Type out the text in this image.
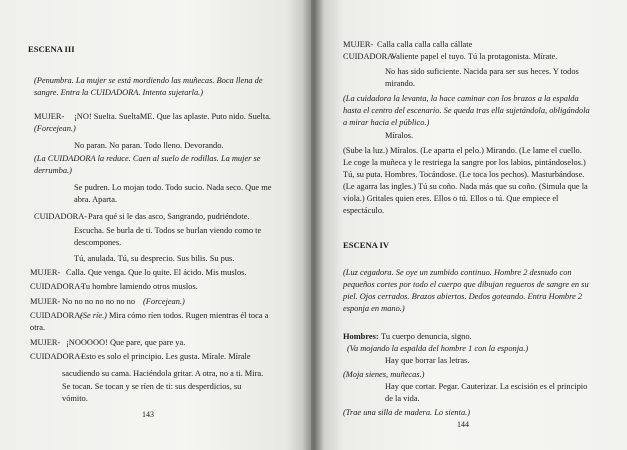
ESCENA III
(Penumbra. La mujer se está mordiendo las muñecas. Boca llena de
sangre. Entra la CUIDADORA. Intenta sujetarla.)
MUJER- ¡NO! Suelta. SueltaME. Que las aplaste. Puto nido. Suelta.
(Forcejean.)
No paran. No paran. Todo lleno. Devorando.
(La CUIDADORA la reduce. Caen al suelo de rodillas. La mujer se
derrumba.)
Se pudren. Lo mojan todo. Todo sucio. Nada seco. Que me
abra. Aparta.
CUIDADORA- Para qué si le das asco, Sangrando, pudriéndote.
Escucha. Se burla de ti. Todos se burlan viendo como te
descompones.
Tú, anulada. Tú, su desprecio. Sus bilis. Su pus.
MUJER- Calla. Que venga. Que lo quite. El ácido. Mis muslos.
CUIDADORA-
Tu hombre lamiendo otros muslos.
MUJER- No no no no no no no (Forcejean.)
CUIDADORA-
(Se ríe.) Mira cómo ríen todos. Rugen mientras él toca a
otra.
MUJER- ¡NOOOOO! Que pare, que pare ya.
CUIDADORA-
Esto es solo el principio. Les gusta. Mírale. Mírale
sacudiendo su cama. Haciéndola gritar. A otra, no a ti. Mira.
Se tocan. Se tocan y se ríen de ti: sus desperdicios, su
vómito.
143
MUJER- Calla calla calla calla cállate
CUIDADORA-
Valiente papel el tuyo. Tú la protagonista. Mírate.
No has sido suficiente. Nacida para ser sus heces. Y todos
mirando.
(La cuidadora la levanta, la hace caminar con los brazos a la espalda
hasta el centro del escenario. Se queda tras ella sujetándola, obligándola
a mirar hacia el público.)
Míralos.
(Sube la luz.) Míralos. (Le aparta el pelo.) Mirando. (Le lame el cuello.
Le coge la muñeca y le restriega la sangre por los labios, pintándoselos.)
Tú, su puta. Hombres. Tocándose. (Le toca los pechos). Masturbándose.
(Le agarra las ingles.) Tú su coño. Nada más que su coño. (Simula que la
viola.) Gritales quien eres. Ellos o tú. Ellos o tú. Que empiece el
espectáculo.
ESCENA IV
(Luz cegadora. Se oye un zumbido continuo. Hombre 2 desnudo con
pequeños cortes por todo el cuerpo que dibujan regueros de sangre en su
piel. Ojos cerrados. Brazos abiertos. Dedos goteando. Entra Hombre 2
esponja en mano.)
Hombres: Tu cuerpo denuncia, signo.
(Va mojando la espalda del hombre 1 con la esponja.)
Hay que borrar las letras.
(Moja sienes, muñecas.)
Hay que cortar. Pegar. Cauterizar. La escisión es el principio
de la vida.
(Trae una silla de madera. Lo sienta.)
144
